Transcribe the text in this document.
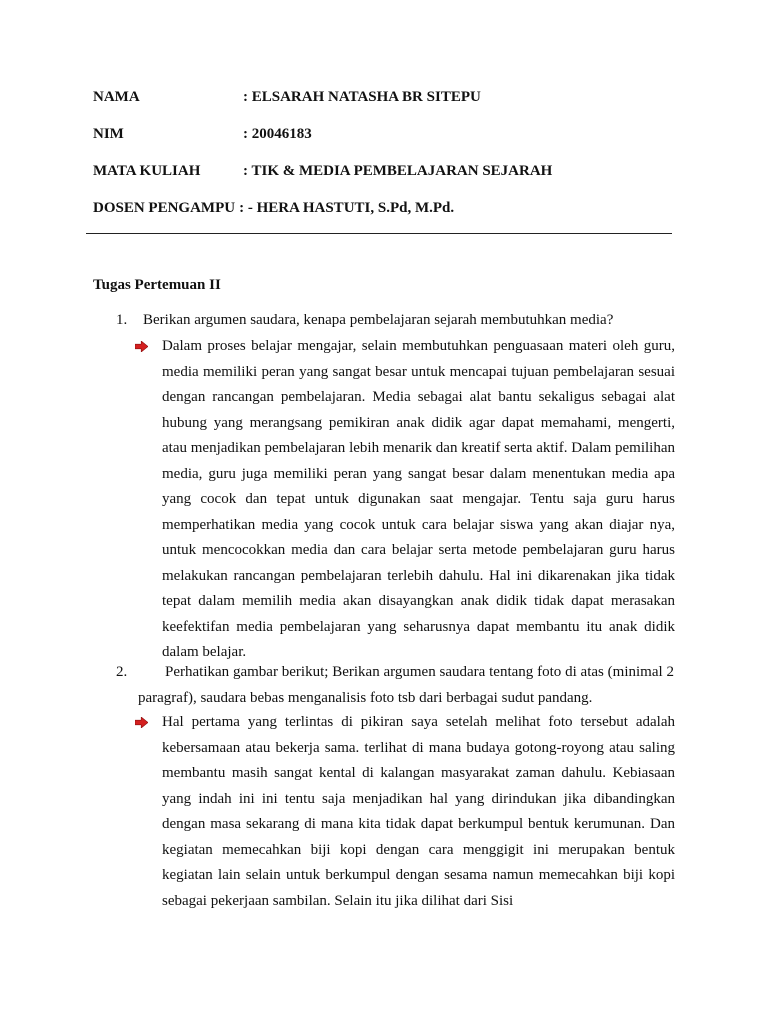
NAMA	: ELSARAH NATASHA BR SITEPU
NIM	: 20046183
MATA KULIAH	: TIK & MEDIA PEMBELAJARAN SEJARAH
DOSEN PENGAMPU : - HERA HASTUTI, S.Pd, M.Pd.
Tugas Pertemuan II
1. Berikan argumen saudara, kenapa pembelajaran sejarah membutuhkan media?
Dalam proses belajar mengajar, selain membutuhkan penguasaan materi oleh guru, media memiliki peran yang sangat besar untuk mencapai tujuan pembelajaran sesuai dengan rancangan pembelajaran. Media sebagai alat bantu sekaligus sebagai alat hubung yang merangsang pemikiran anak didik agar dapat memahami, mengerti, atau menjadikan pembelajaran lebih menarik dan kreatif serta aktif. Dalam pemilihan media, guru juga memiliki peran yang sangat besar dalam menentukan media apa yang cocok dan tepat untuk digunakan saat mengajar. Tentu saja guru harus memperhatikan media yang cocok untuk cara belajar siswa yang akan diajar nya, untuk mencocokkan media dan cara belajar serta metode pembelajaran guru harus melakukan rancangan pembelajaran terlebih dahulu. Hal ini dikarenakan jika tidak tepat dalam memilih media akan disayangkan anak didik tidak dapat merasakan keefektifan media pembelajaran yang seharusnya dapat membantu itu anak didik dalam belajar.
2.	Perhatikan gambar berikut; Berikan argumen saudara tentang foto di atas (minimal 2 paragraf), saudara bebas menganalisis foto tsb dari berbagai sudut pandang.
Hal pertama yang terlintas di pikiran saya setelah melihat foto tersebut adalah kebersamaan atau bekerja sama. terlihat di mana budaya gotong-royong atau saling membantu masih sangat kental di kalangan masyarakat zaman dahulu. Kebiasaan yang indah ini ini tentu saja menjadikan hal yang dirindukan jika dibandingkan dengan masa sekarang di mana kita tidak dapat berkumpul bentuk kerumunan. Dan kegiatan memecahkan biji kopi dengan cara menggigit ini merupakan bentuk kegiatan lain selain untuk berkumpul dengan sesama namun memecahkan biji kopi sebagai pekerjaan sambilan. Selain itu jika dilihat dari Sisi
